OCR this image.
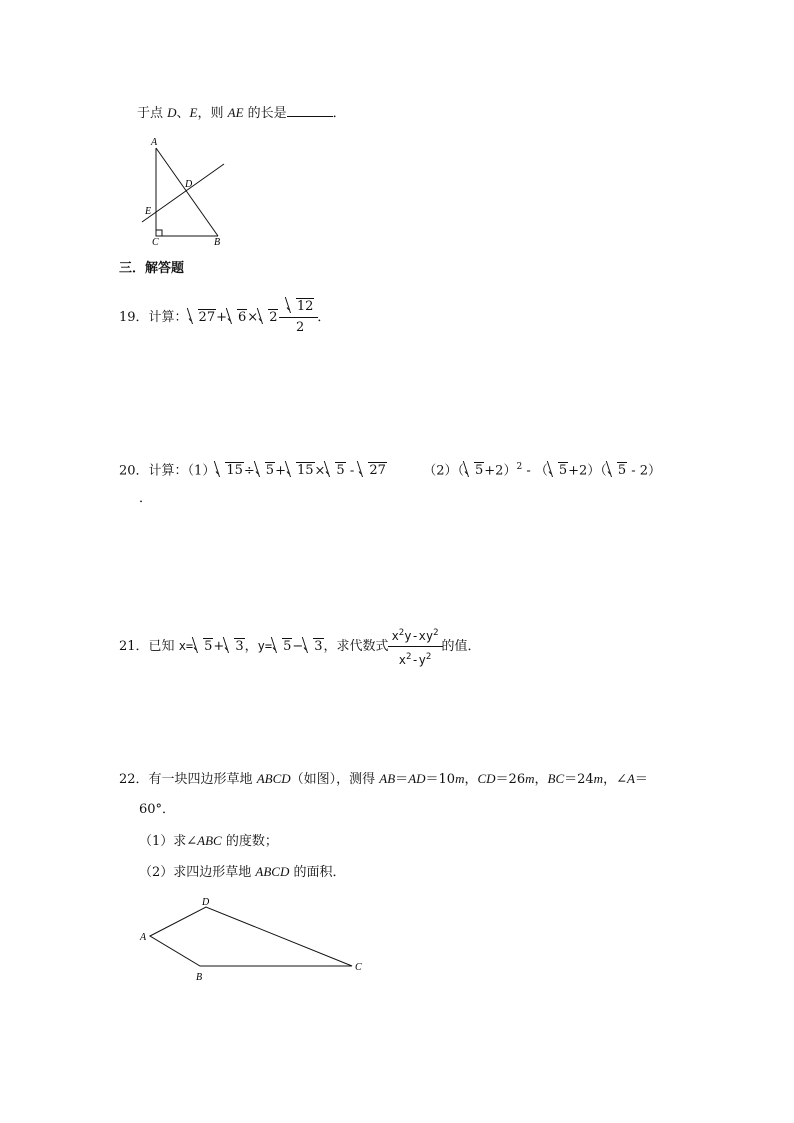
于点 D、E，则 AE 的长是	．
A
D
E
C	B
三．解答题
19．计算： $27+ 6\times 2- \frac{12}{2}$ ．
20．计算：（1） 15÷ 5+ 15× 5 - 27	（2）（ 5+2）$^2$ - （ 5+2）（ 5 - 2）
．
21．已知 x= 5+ 3，y= 5− 3，求代数式 $\frac{x^2y-xy^2}{x^2-y^2}$ 的值．
22．有一块四边形草地 ABCD（如图），测得 AB＝AD＝10m，CD＝26m，BC＝24m，∠A＝
60°．
（1）求∠ABC 的度数；
（2）求四边形草地 ABCD 的面积．
A
D
B
C
